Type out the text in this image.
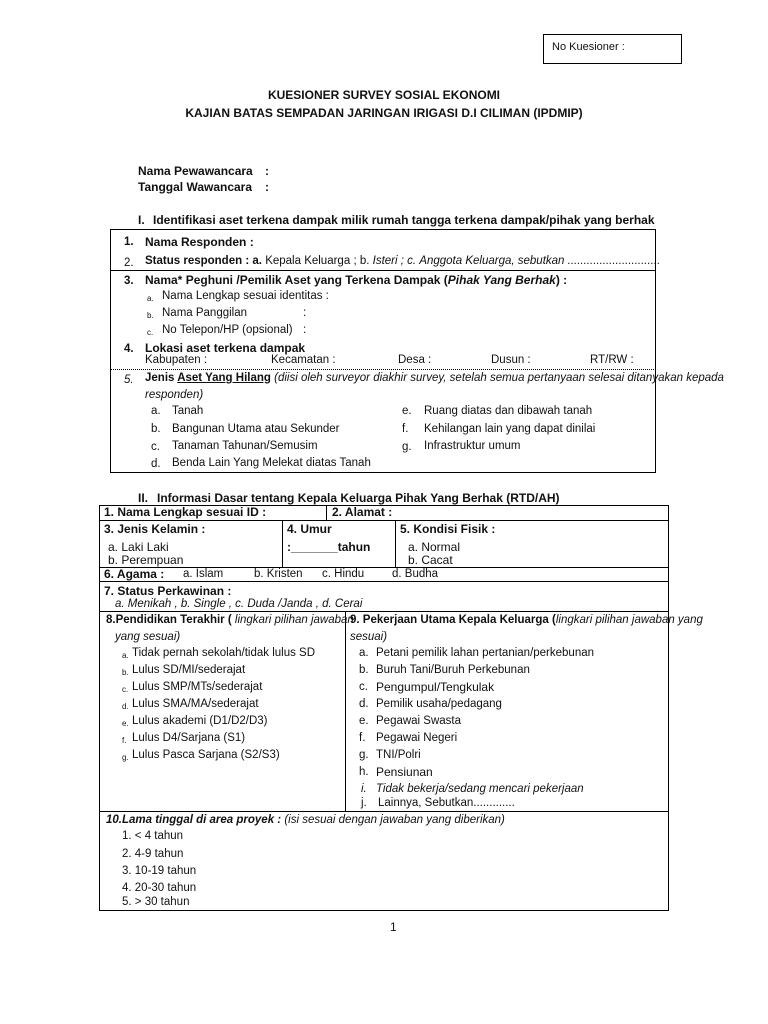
No Kuesioner :
KUESIONER SURVEY SOSIAL EKONOMI
KAJIAN BATAS SEMPADAN JARINGAN IRIGASI D.I CILIMAN (IPDMIP)
Nama Pewawancara :
Tanggal Wawancara :
I. Identifikasi aset terkena dampak milik rumah tangga terkena dampak/pihak yang berhak
1. Nama Responden :
2. Status responden : a. Kepala Keluarga ; b. Isteri ; c. Anggota Keluarga, sebutkan .............................
3. Nama* Peghuni /Pemilik Aset yang Terkena Dampak (Pihak Yang Berhak) :
a. Nama Lengkap sesuai identitas :
b. Nama Panggilan	:
c. No Telepon/HP (opsional) :
4. Lokasi aset terkena dampak
Kabupaten :	Kecamatan :	Desa :	Dusun :	RT/RW :
5. Jenis Aset Yang Hilang (diisi oleh surveyor diakhir survey, setelah semua pertanyaan selesai ditanyakan kepada
responden)
a. Tanah
b. Bangunan Utama atau Sekunder
c. Tanaman Tahunan/Semusim
d. Benda Lain Yang Melekat diatas Tanah
e. Ruang diatas dan dibawah tanah
f. Kehilangan lain yang dapat dinilai
g. Infrastruktur umum
II. Informasi Dasar tentang Kepala Keluarga Pihak Yang Berhak (RTD/AH)
1. Nama Lengkap sesuai ID :	2. Alamat :
3. Jenis Kelamin :
a. Laki Laki
b. Perempuan
4. Umur
:_______tahun
5. Kondisi Fisik :
a. Normal
b. Cacat
6. Agama : a. Islam	b. Kristen c. Hindu d. Budha
7. Status Perkawinan :
a. Menikah , b. Single , c. Duda /Janda , d. Cerai
8.Pendidikan Terakhir ( lingkari pilihan jawaban
yang sesuai)
a. Tidak pernah sekolah/tidak lulus SD
b. Lulus SD/MI/sederajat
c. Lulus SMP/MTs/sederajat
d. Lulus SMA/MA/sederajat
e. Lulus akademi (D1/D2/D3)
f. Lulus D4/Sarjana (S1)
g. Lulus Pasca Sarjana (S2/S3)
9. Pekerjaan Utama Kepala Keluarga (lingkari pilihan jawaban yang
sesuai)
a. Petani pemilik lahan pertanian/perkebunan
b. Buruh Tani/Buruh Perkebunan
c. Pengumpul/Tengkulak
d. Pemilik usaha/pedagang
e. Pegawai Swasta
f. Pegawai Negeri
g. TNI/Polri
h. Pensiunan
i. Tidak bekerja/sedang mencari pekerjaan
j. Lainnya, Sebutkan.............
10.Lama tinggal di area proyek : (isi sesuai dengan jawaban yang diberikan)
1. < 4 tahun
2. 4-9 tahun
3. 10-19 tahun
4. 20-30 tahun
5. > 30 tahun
1
